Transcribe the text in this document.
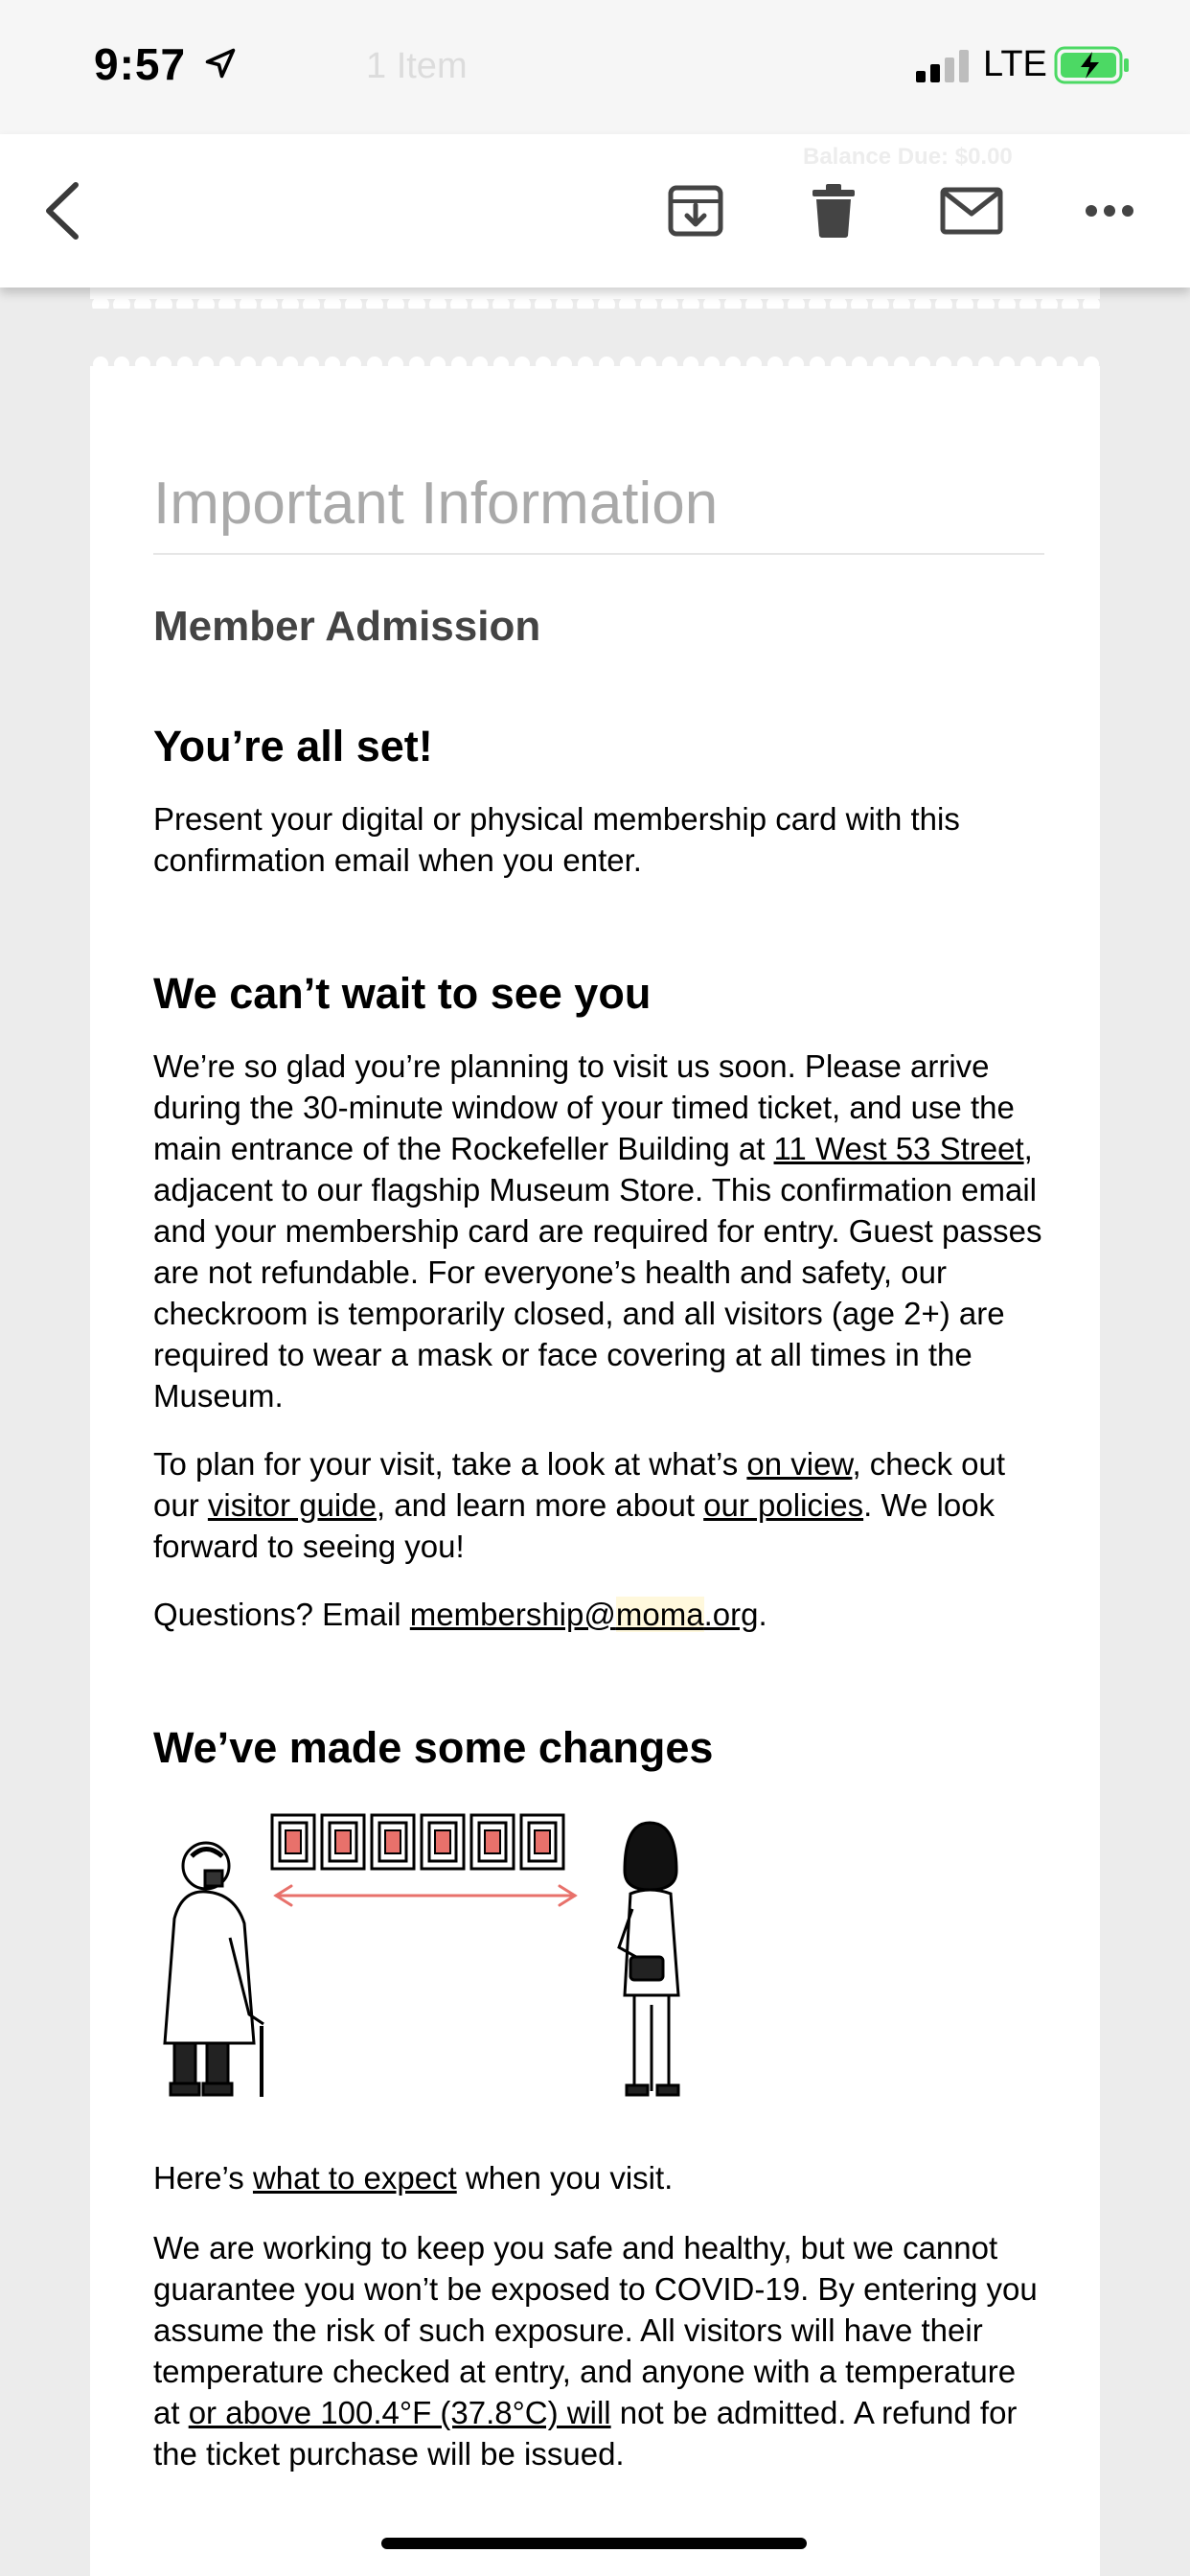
9:57	1 Item	LTE
Balance Due: $0.00
Important Information
Member Admission
You’re all set!

Present your digital or physical membership card with this confirmation email when you enter.

We can’t wait to see you

We’re so glad you’re planning to visit us soon. Please arrive during the 30-minute window of your timed ticket, and use the main entrance of the Rockefeller Building at 11 West 53 Street, adjacent to our flagship Museum Store. This confirmation email and your membership card are required for entry. Guest passes are not refundable. For everyone’s health and safety, our checkroom is temporarily closed, and all visitors (age 2+) are required to wear a mask or face covering at all times in the Museum.

To plan for your visit, take a look at what’s on view, check out our visitor guide, and learn more about our policies. We look forward to seeing you!

Questions? Email membership@moma.org.

We’ve made some changes

Here’s what to expect when you visit.

We are working to keep you safe and healthy, but we cannot guarantee you won’t be exposed to COVID-19. By entering you assume the risk of such exposure. All visitors will have their temperature checked at entry, and anyone with a temperature at or above 100.4°F (37.8°C) will not be admitted. A refund for the ticket purchase will be issued.
